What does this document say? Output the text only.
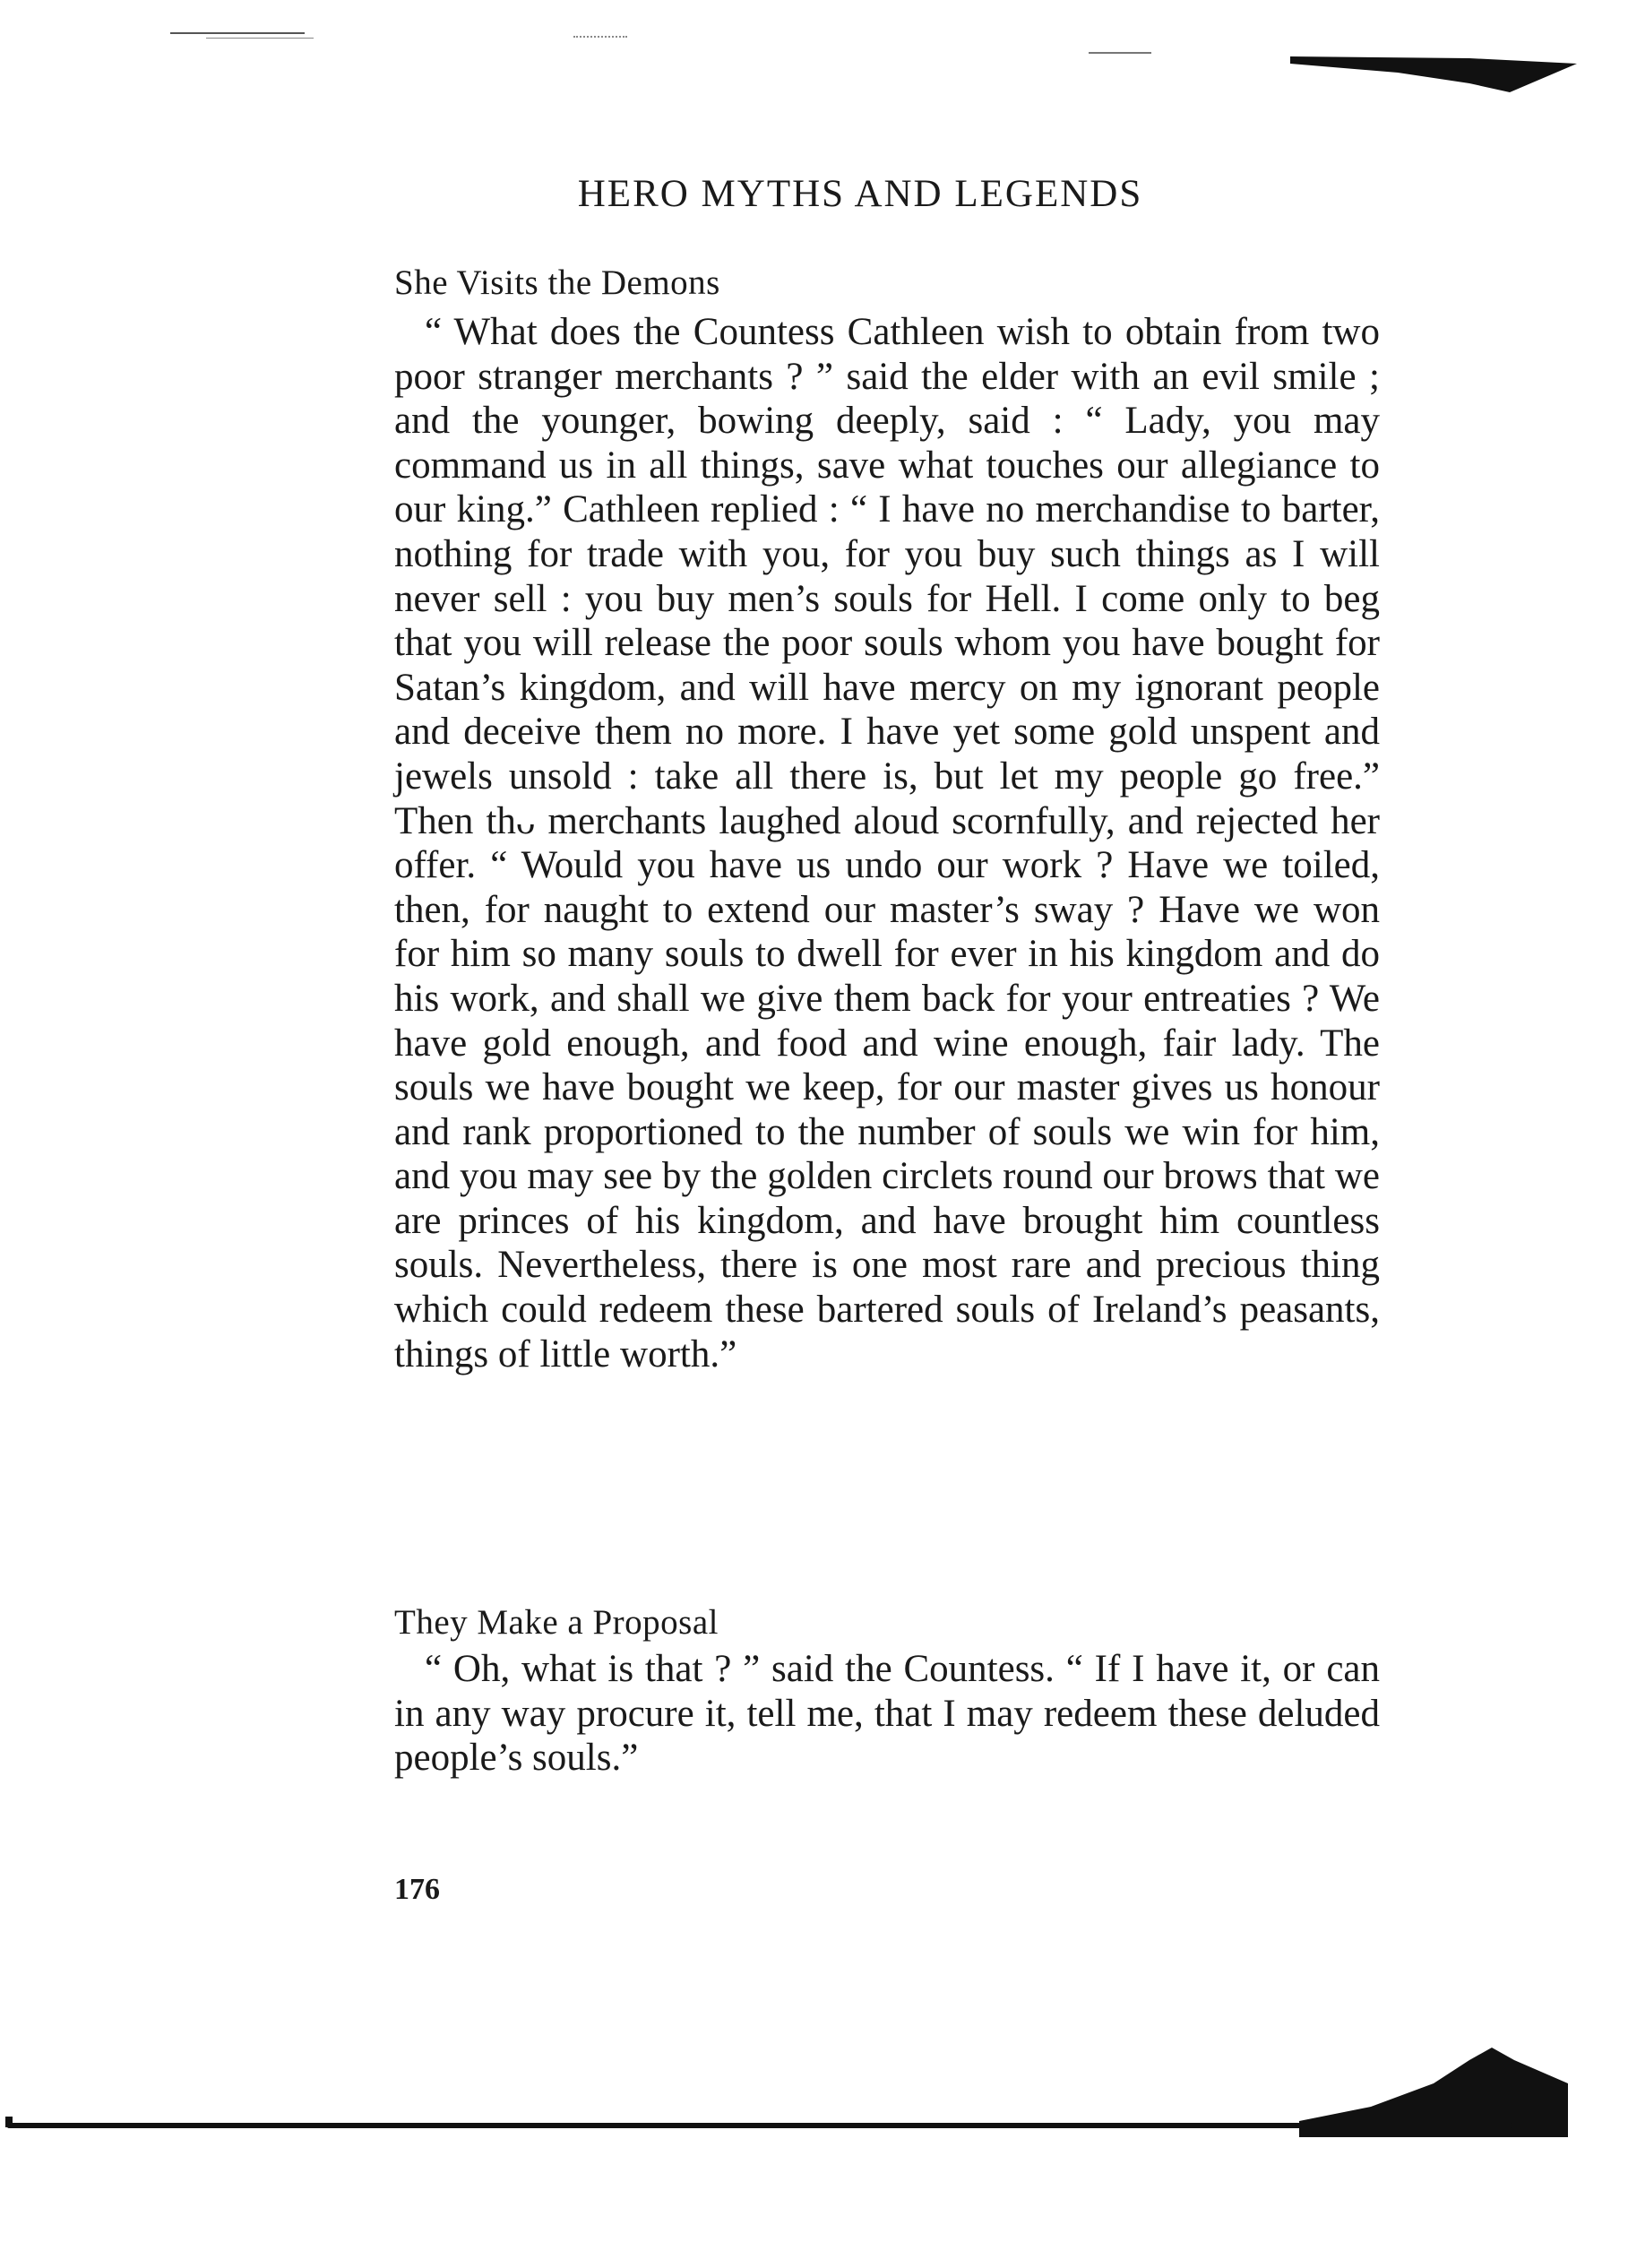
HERO MYTHS AND LEGENDS
She Visits the Demons

“ What does the Countess Cathleen wish to obtain from two poor stranger merchants ? ” said the elder with an evil smile ; and the younger, bowing deeply, said : “ Lady, you may command us in all things, save what touches our allegiance to our king.” Cathleen replied : “ I have no merchandise to barter, nothing for trade with you, for you buy such things as I will never sell : you buy men’s souls for Hell. I come only to beg that you will release the poor souls whom you have bought for Satan’s kingdom, and will have mercy on my ignorant people and deceive them no more. I have yet some gold unspent and jewels unsold : take all there is, but let my people go free.” Then thᴗ merchants laughed aloud scornfully, and rejected her offer. “ Would you have us undo our work ? Have we toiled, then, for naught to extend our master’s sway ? Have we won for him so many souls to dwell for ever in his kingdom and do his work, and shall we give them back for your entreaties ? We have gold enough, and food and wine enough, fair lady. The souls we have bought we keep, for our master gives us honour and rank proportioned to the number of souls we win for him, and you may see by the golden circlets round our brows that we are princes of his kingdom, and have brought him countless souls. Nevertheless, there is one most rare and precious thing which could redeem these bartered souls of Ireland’s peasants, things of little worth.”

They Make a Proposal

“ Oh, what is that ? ” said the Countess. “ If I have it, or can in any way procure it, tell me, that I may redeem these deluded people’s souls.”

176
